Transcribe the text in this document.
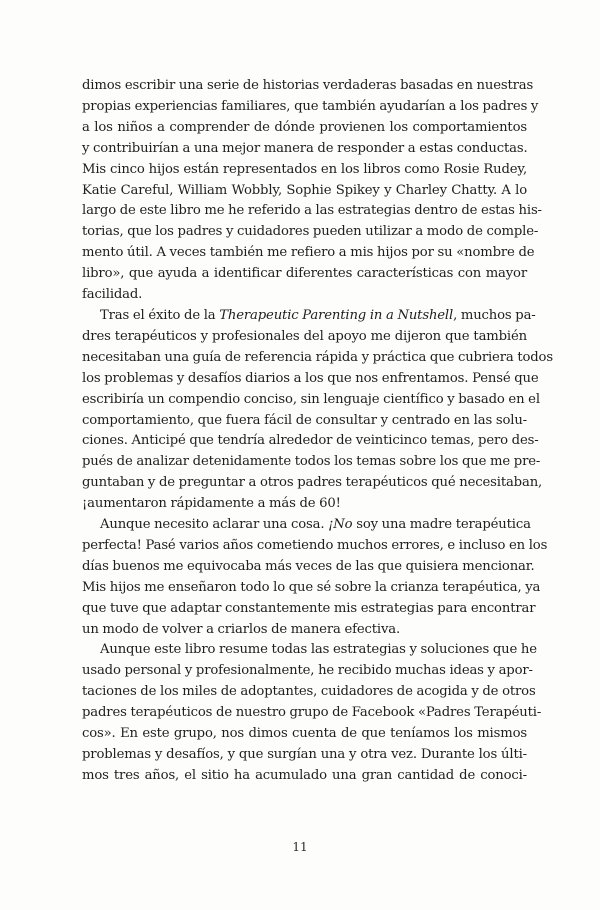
dimos escribir una serie de historias verdaderas basadas en nuestras
propias experiencias familiares, que también ayudarían a los padres y
a los niños a comprender de dónde provienen los comportamientos
y contribuirían a una mejor manera de responder a estas conductas.
Mis cinco hijos están representados en los libros como Rosie Rudey,
Katie Careful, William Wobbly, Sophie Spikey y Charley Chatty. A lo
largo de este libro me he referido a las estrategias dentro de estas his-
torias, que los padres y cuidadores pueden utilizar a modo de comple-
mento útil. A veces también me refiero a mis hijos por su «nombre de
libro», que ayuda a identificar diferentes características con mayor
facilidad.

Tras el éxito de la Therapeutic Parenting in a Nutshell, muchos pa-
dres terapéuticos y profesionales del apoyo me dijeron que también
necesitaban una guía de referencia rápida y práctica que cubriera todos
los problemas y desafíos diarios a los que nos enfrentamos. Pensé que
escribiría un compendio conciso, sin lenguaje científico y basado en el
comportamiento, que fuera fácil de consultar y centrado en las solu-
ciones. Anticipé que tendría alrededor de veinticinco temas, pero des-
pués de analizar detenidamente todos los temas sobre los que me pre-
guntaban y de preguntar a otros padres terapéuticos qué necesitaban,
¡aumentaron rápidamente a más de 60!

Aunque necesito aclarar una cosa. ¡No soy una madre terapéutica
perfecta! Pasé varios años cometiendo muchos errores, e incluso en los
días buenos me equivocaba más veces de las que quisiera mencionar.
Mis hijos me enseñaron todo lo que sé sobre la crianza terapéutica, ya
que tuve que adaptar constantemente mis estrategias para encontrar
un modo de volver a criarlos de manera efectiva.

Aunque este libro resume todas las estrategias y soluciones que he
usado personal y profesionalmente, he recibido muchas ideas y apor-
taciones de los miles de adoptantes, cuidadores de acogida y de otros
padres terapéuticos de nuestro grupo de Facebook «Padres Terapéuti-
cos». En este grupo, nos dimos cuenta de que teníamos los mismos
problemas y desafíos, y que surgían una y otra vez. Durante los últi-
mos tres años, el sitio ha acumulado una gran cantidad de conoci-

11
